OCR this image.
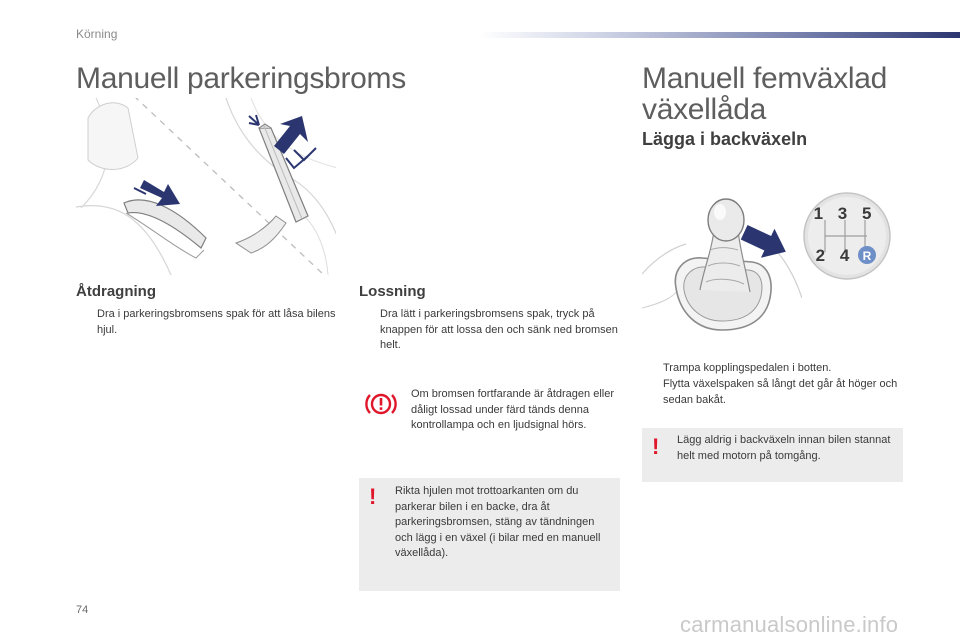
Körning
Manuell parkeringsbroms
Åtdragning
Dra i parkeringsbromsens spak för att låsa bilens hjul.
Lossning
Dra lätt i parkeringsbromsens spak, tryck på knappen för att lossa den och sänk ned bromsen helt.
Om bromsen fortfarande är åtdragen eller dåligt lossad under färd tänds denna kontrollampa och en ljudsignal hörs.
! Rikta hjulen mot trottoarkanten om du parkerar bilen i en backe, dra åt parkeringsbromsen, stäng av tändningen och lägg i en växel (i bilar med en manuell växellåda).
Manuell femväxlad
växellåda
Lägga i backväxeln
1 3 5
2 4 R
Trampa kopplingspedalen i botten.
Flytta växelspaken så långt det går åt höger och sedan bakåt.
! Lägg aldrig i backväxeln innan bilen stannat helt med motorn på tomgång.
74
carmanualsonline.info
